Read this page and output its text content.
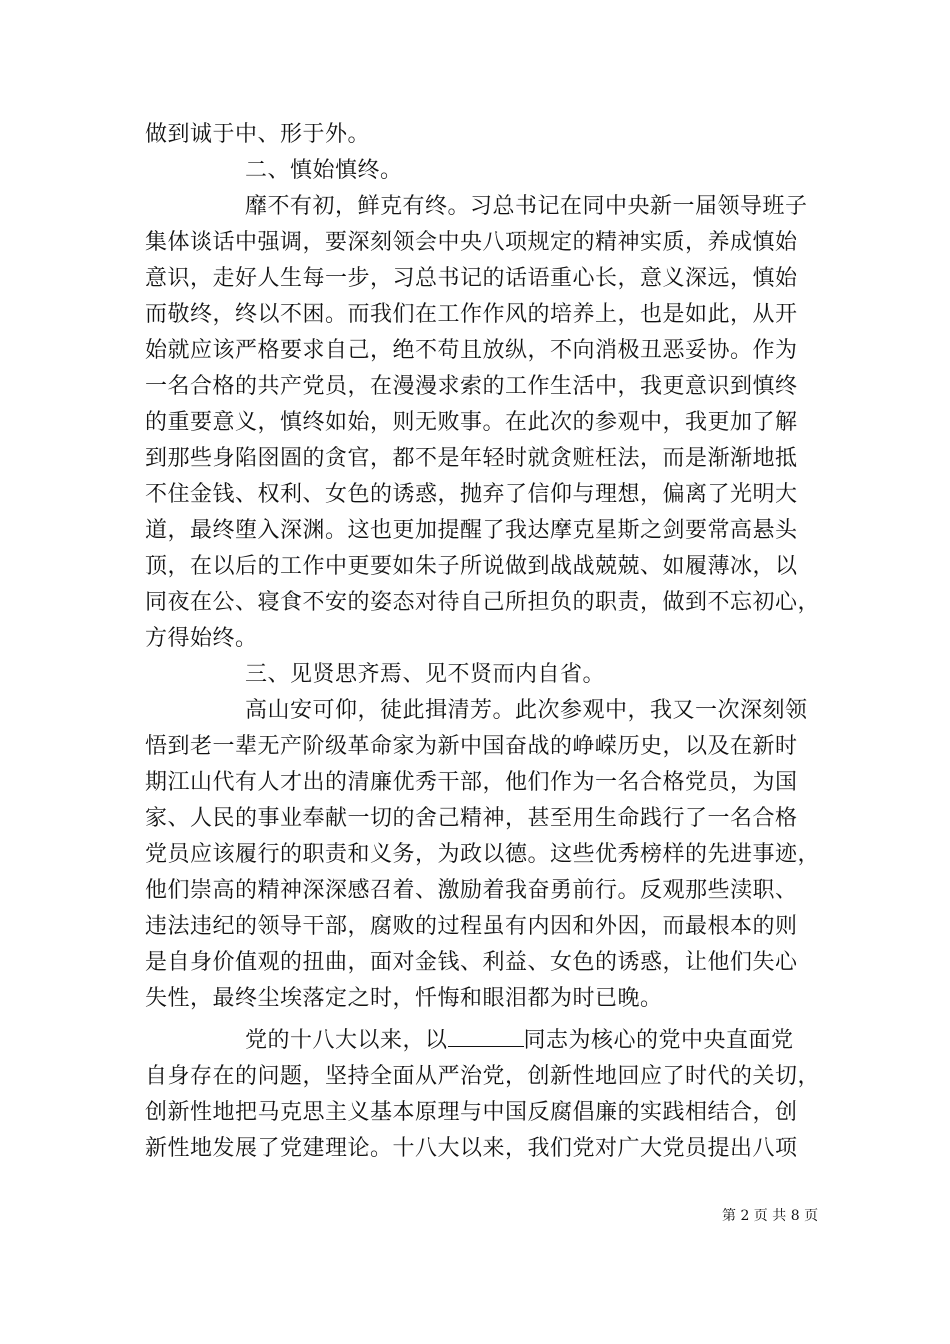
做到诚于中、形于外。
二、慎始慎终。
靡不有初，鲜克有终。习总书记在同中央新一届领导班子
集体谈话中强调，要深刻领会中央八项规定的精神实质，养成慎始
意识，走好人生每一步，习总书记的话语重心长，意义深远，慎始
而敬终，终以不困。而我们在工作作风的培养上，也是如此，从开
始就应该严格要求自己，绝不苟且放纵，不向消极丑恶妥协。作为
一名合格的共产党员，在漫漫求索的工作生活中，我更意识到慎终
的重要意义，慎终如始，则无败事。在此次的参观中，我更加了解
到那些身陷囹圄的贪官，都不是年轻时就贪赃枉法，而是渐渐地抵
不住金钱、权利、女色的诱惑，抛弃了信仰与理想，偏离了光明大
道，最终堕入深渊。这也更加提醒了我达摩克星斯之剑要常高悬头
顶，在以后的工作中更要如朱子所说做到战战兢兢、如履薄冰，以
同夜在公、寝食不安的姿态对待自己所担负的职责，做到不忘初心，
方得始终。
三、见贤思齐焉、见不贤而内自省。
高山安可仰，徒此揖清芳。此次参观中，我又一次深刻领
悟到老一辈无产阶级革命家为新中国奋战的峥嵘历史，以及在新时
期江山代有人才出的清廉优秀干部，他们作为一名合格党员，为国
家、人民的事业奉献一切的舍己精神，甚至用生命践行了一名合格
党员应该履行的职责和义务，为政以德。这些优秀榜样的先进事迹，
他们崇高的精神深深感召着、激励着我奋勇前行。反观那些渎职、
违法违纪的领导干部，腐败的过程虽有内因和外因，而最根本的则
是自身价值观的扭曲，面对金钱、利益、女色的诱惑，让他们失心
失性，最终尘埃落定之时，忏悔和眼泪都为时已晚。
党的十八大以来，以	同志为核心的党中央直面党
自身存在的问题，坚持全面从严治党，创新性地回应了时代的关切，
创新性地把马克思主义基本原理与中国反腐倡廉的实践相结合，创
新性地发展了党建理论。十八大以来，我们党对广大党员提出八项
第 2 页 共 8 页
